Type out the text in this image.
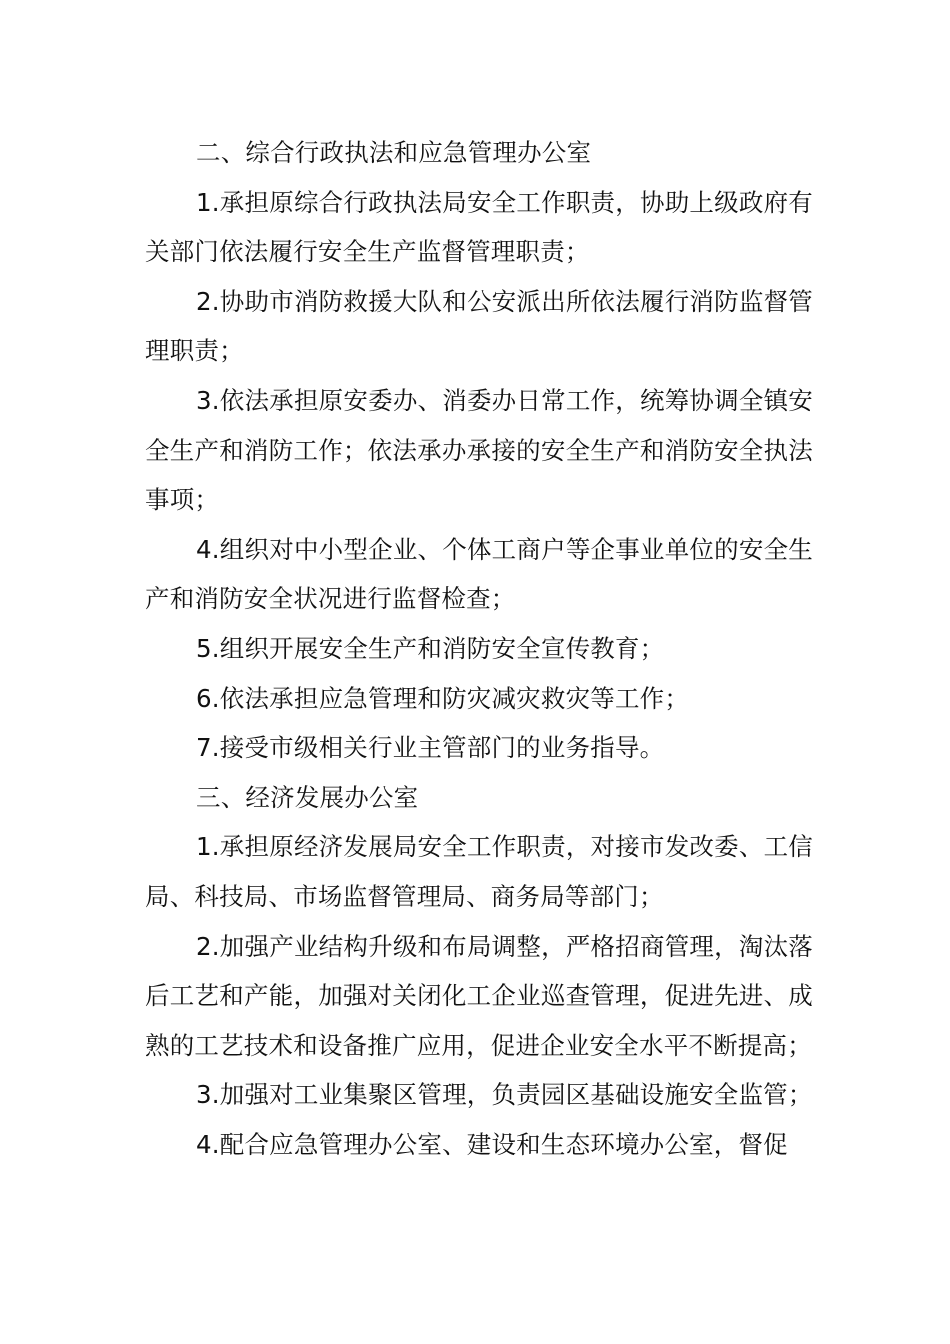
二、综合行政执法和应急管理办公室

1.承担原综合行政执法局安全工作职责，协助上级政府有关部门依法履行安全生产监督管理职责；

2.协助市消防救援大队和公安派出所依法履行消防监督管理职责；

3.依法承担原安委办、消委办日常工作，统筹协调全镇安全生产和消防工作；依法承办承接的安全生产和消防安全执法事项；

4.组织对中小型企业、个体工商户等企事业单位的安全生产和消防安全状况进行监督检查；

5.组织开展安全生产和消防安全宣传教育；

6.依法承担应急管理和防灾减灾救灾等工作；

7.接受市级相关行业主管部门的业务指导。

三、经济发展办公室

1.承担原经济发展局安全工作职责，对接市发改委、工信局、科技局、市场监督管理局、商务局等部门；

2.加强产业结构升级和布局调整，严格招商管理，淘汰落后工艺和产能，加强对关闭化工企业巡查管理，促进先进、成熟的工艺技术和设备推广应用，促进企业安全水平不断提高；

3.加强对工业集聚区管理，负责园区基础设施安全监管；

4.配合应急管理办公室、建设和生态环境办公室，督促
